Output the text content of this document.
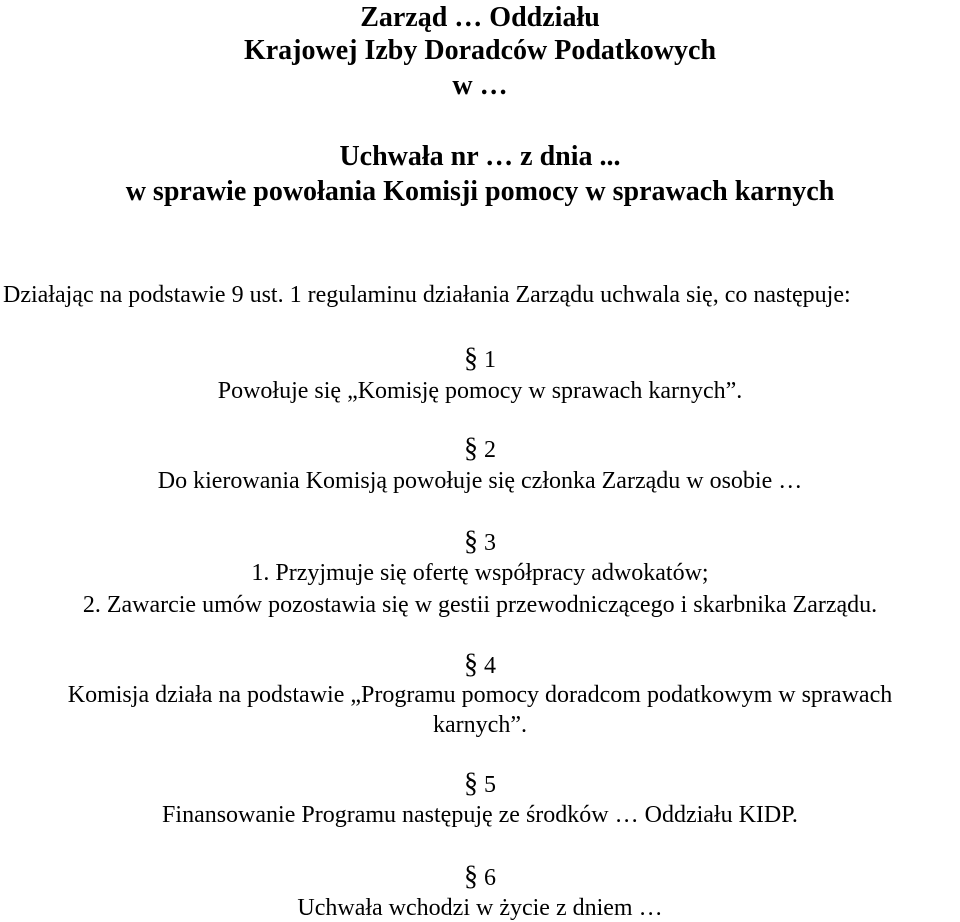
Zarząd … Oddziału
Krajowej Izby Doradców Podatkowych
w …
Uchwała nr … z dnia ...
w sprawie powołania Komisji pomocy w sprawach karnych
Działając na podstawie 9 ust. 1 regulaminu działania Zarządu uchwala się, co następuje:
§ 1
Powołuje się „Komisję pomocy w sprawach karnych”.
§ 2
Do kierowania Komisją powołuje się członka Zarządu w osobie …
§ 3
1. Przyjmuje się ofertę współpracy adwokatów;
2. Zawarcie umów pozostawia się w gestii przewodniczącego i skarbnika Zarządu.
§ 4
Komisja działa na podstawie „Programu pomocy doradcom podatkowym w sprawach
karnych”.
§ 5
Finansowanie Programu następuję ze środków … Oddziału KIDP.
§ 6
Uchwała wchodzi w życie z dniem …
